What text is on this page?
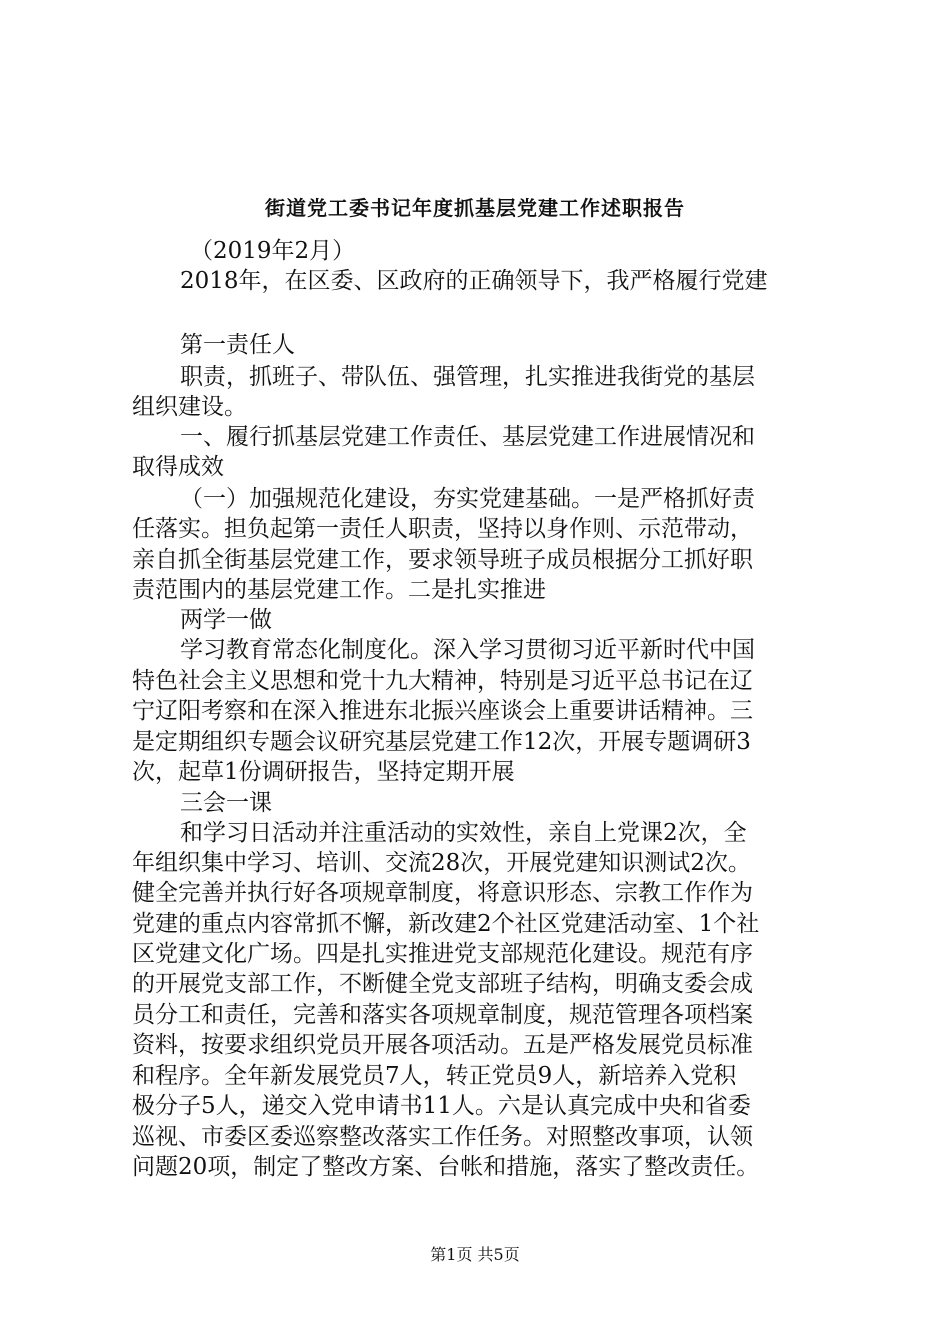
街道党工委书记年度抓基层党建工作述职报告
（2019年2月）
2018年，在区委、区政府的正确领导下，我严格履行党建
第一责任人
职责，抓班子、带队伍、强管理，扎实推进我街党的基层
组织建设。
一、履行抓基层党建工作责任、基层党建工作进展情况和
取得成效
（一）加强规范化建设，夯实党建基础。一是严格抓好责
任落实。担负起第一责任人职责，坚持以身作则、示范带动，
亲自抓全街基层党建工作，要求领导班子成员根据分工抓好职
责范围内的基层党建工作。二是扎实推进
两学一做
学习教育常态化制度化。深入学习贯彻习近平新时代中国
特色社会主义思想和党十九大精神，特别是习近平总书记在辽
宁辽阳考察和在深入推进东北振兴座谈会上重要讲话精神。三
是定期组织专题会议研究基层党建工作12次，开展专题调研3
次，起草1份调研报告，坚持定期开展
三会一课
和学习日活动并注重活动的实效性，亲自上党课2次，全
年组织集中学习、培训、交流28次，开展党建知识测试2次。
健全完善并执行好各项规章制度，将意识形态、宗教工作作为
党建的重点内容常抓不懈，新改建2个社区党建活动室、1个社
区党建文化广场。四是扎实推进党支部规范化建设。规范有序
的开展党支部工作，不断健全党支部班子结构，明确支委会成
员分工和责任，完善和落实各项规章制度，规范管理各项档案
资料，按要求组织党员开展各项活动。五是严格发展党员标准
和程序。全年新发展党员7人，转正党员9人，新培养入党积
极分子5人，递交入党申请书11人。六是认真完成中央和省委
巡视、市委区委巡察整改落实工作任务。对照整改事项，认领
问题20项，制定了整改方案、台帐和措施，落实了整改责任。
第1页 共5页
